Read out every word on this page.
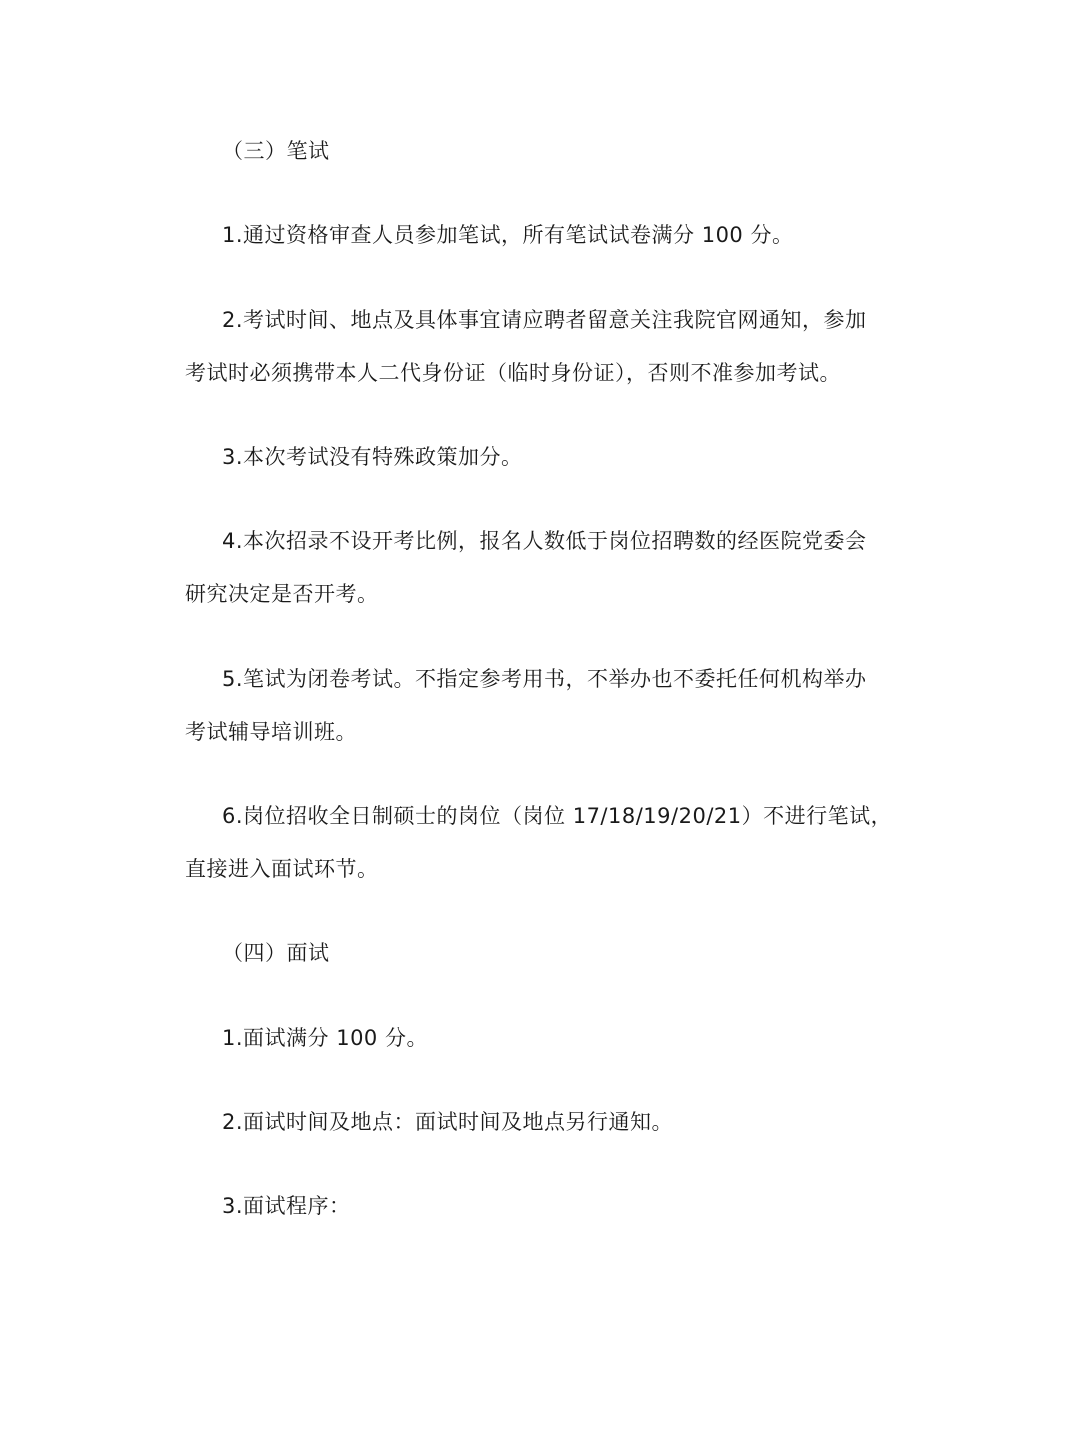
（三）笔试
1.通过资格审查人员参加笔试，所有笔试试卷满分 100 分。
2.考试时间、地点及具体事宜请应聘者留意关注我院官网通知，参加
考试时必须携带本人二代身份证（临时身份证），否则不准参加考试。
3.本次考试没有特殊政策加分。
4.本次招录不设开考比例，报名人数低于岗位招聘数的经医院党委会
研究决定是否开考。
5.笔试为闭卷考试。不指定参考用书，不举办也不委托任何机构举办
考试辅导培训班。
6.岗位招收全日制硕士的岗位（岗位 17/18/19/20/21）不进行笔试，
直接进入面试环节。
（四）面试
1.面试满分 100 分。
2.面试时间及地点：面试时间及地点另行通知。
3.面试程序：
